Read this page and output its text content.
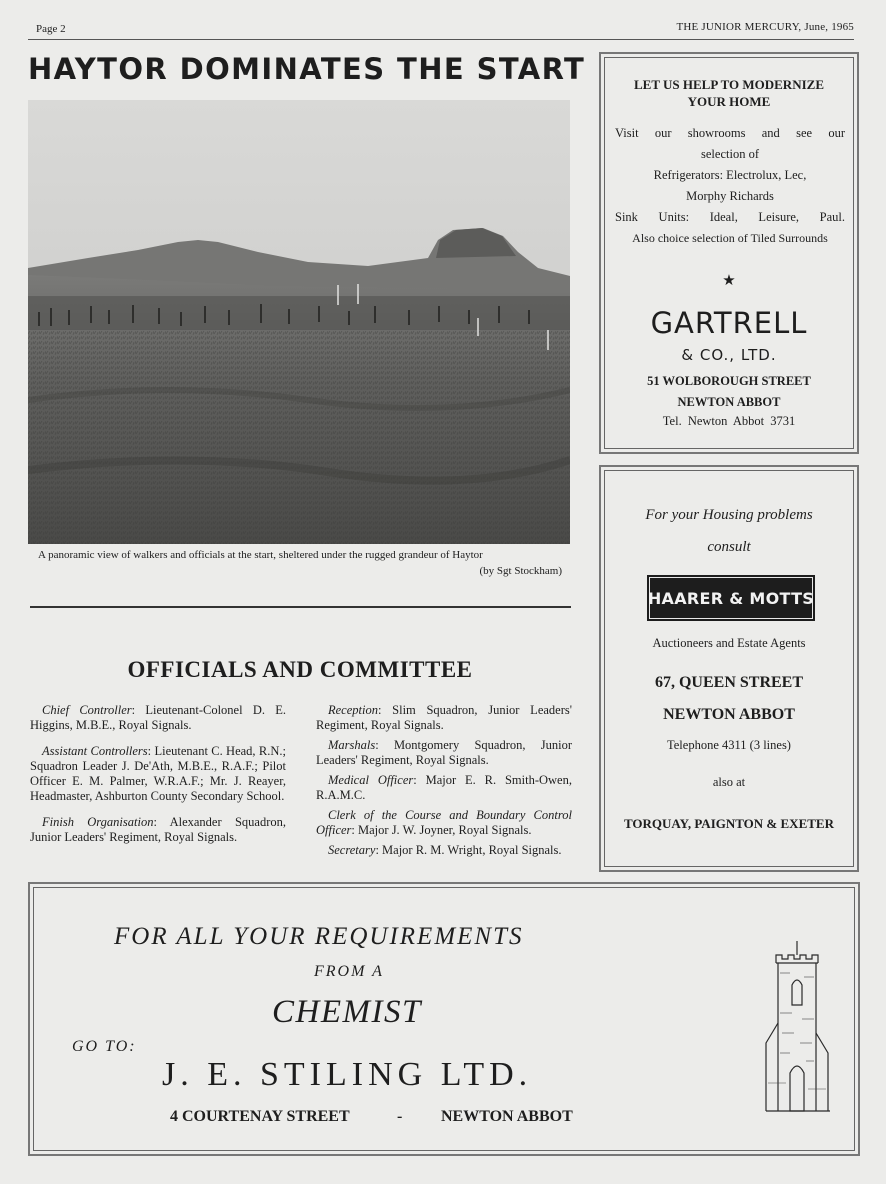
Page 2	THE JUNIOR MERCURY, June, 1965
HAYTOR DOMINATES THE START
A panoramic view of walkers and officials at the start, sheltered under the rugged grandeur of Haytor
(by Sgt Stockham)
OFFICIALS AND COMMITTEE

Chief Controller: Lieutenant-Colonel D. E. Higgins, M.B.E., Royal Signals.

Assistant Controllers: Lieutenant C. Head, R.N.; Squadron Leader J. De'Ath, M.B.E., R.A.F.; Pilot Officer E. M. Palmer, W.R.A.F.; Mr. J. Reayer, Headmaster, Ashburton County Secondary School.

Finish Organisation: Alexander Squadron, Junior Leaders' Regiment, Royal Signals.

Reception: Slim Squadron, Junior Leaders' Regiment, Royal Signals.

Marshals: Montgomery Squadron, Junior Leaders' Regiment, Royal Signals.

Medical Officer: Major E. R. Smith-Owen, R.A.M.C.

Clerk of the Course and Boundary Control Officer: Major J. W. Joyner, Royal Signals.

Secretary: Major R. M. Wright, Royal Signals.

LET US HELP TO MODERNIZE
YOUR HOME
Visit our showrooms and see our
selection of
Refrigerators: Electrolux, Lec,
Morphy Richards
Sink Units: Ideal, Leisure, Paul.
Also choice selection of Tiled Surrounds
★
GARTRELL
& CO., LTD.
51 WOLBOROUGH STREET
NEWTON ABBOT
Tel. Newton Abbot 3731
For your Housing problems
consult
HAARER & MOTTS
Auctioneers and Estate Agents
67, QUEEN STREET
NEWTON ABBOT
Telephone 4311 (3 lines)
also at
TORQUAY, PAIGNTON & EXETER
FOR ALL YOUR REQUIREMENTS
FROM A
CHEMIST
GO TO:
J. E. STILING LTD.
4 COURTENAY STREET	- NEWTON ABBOT
